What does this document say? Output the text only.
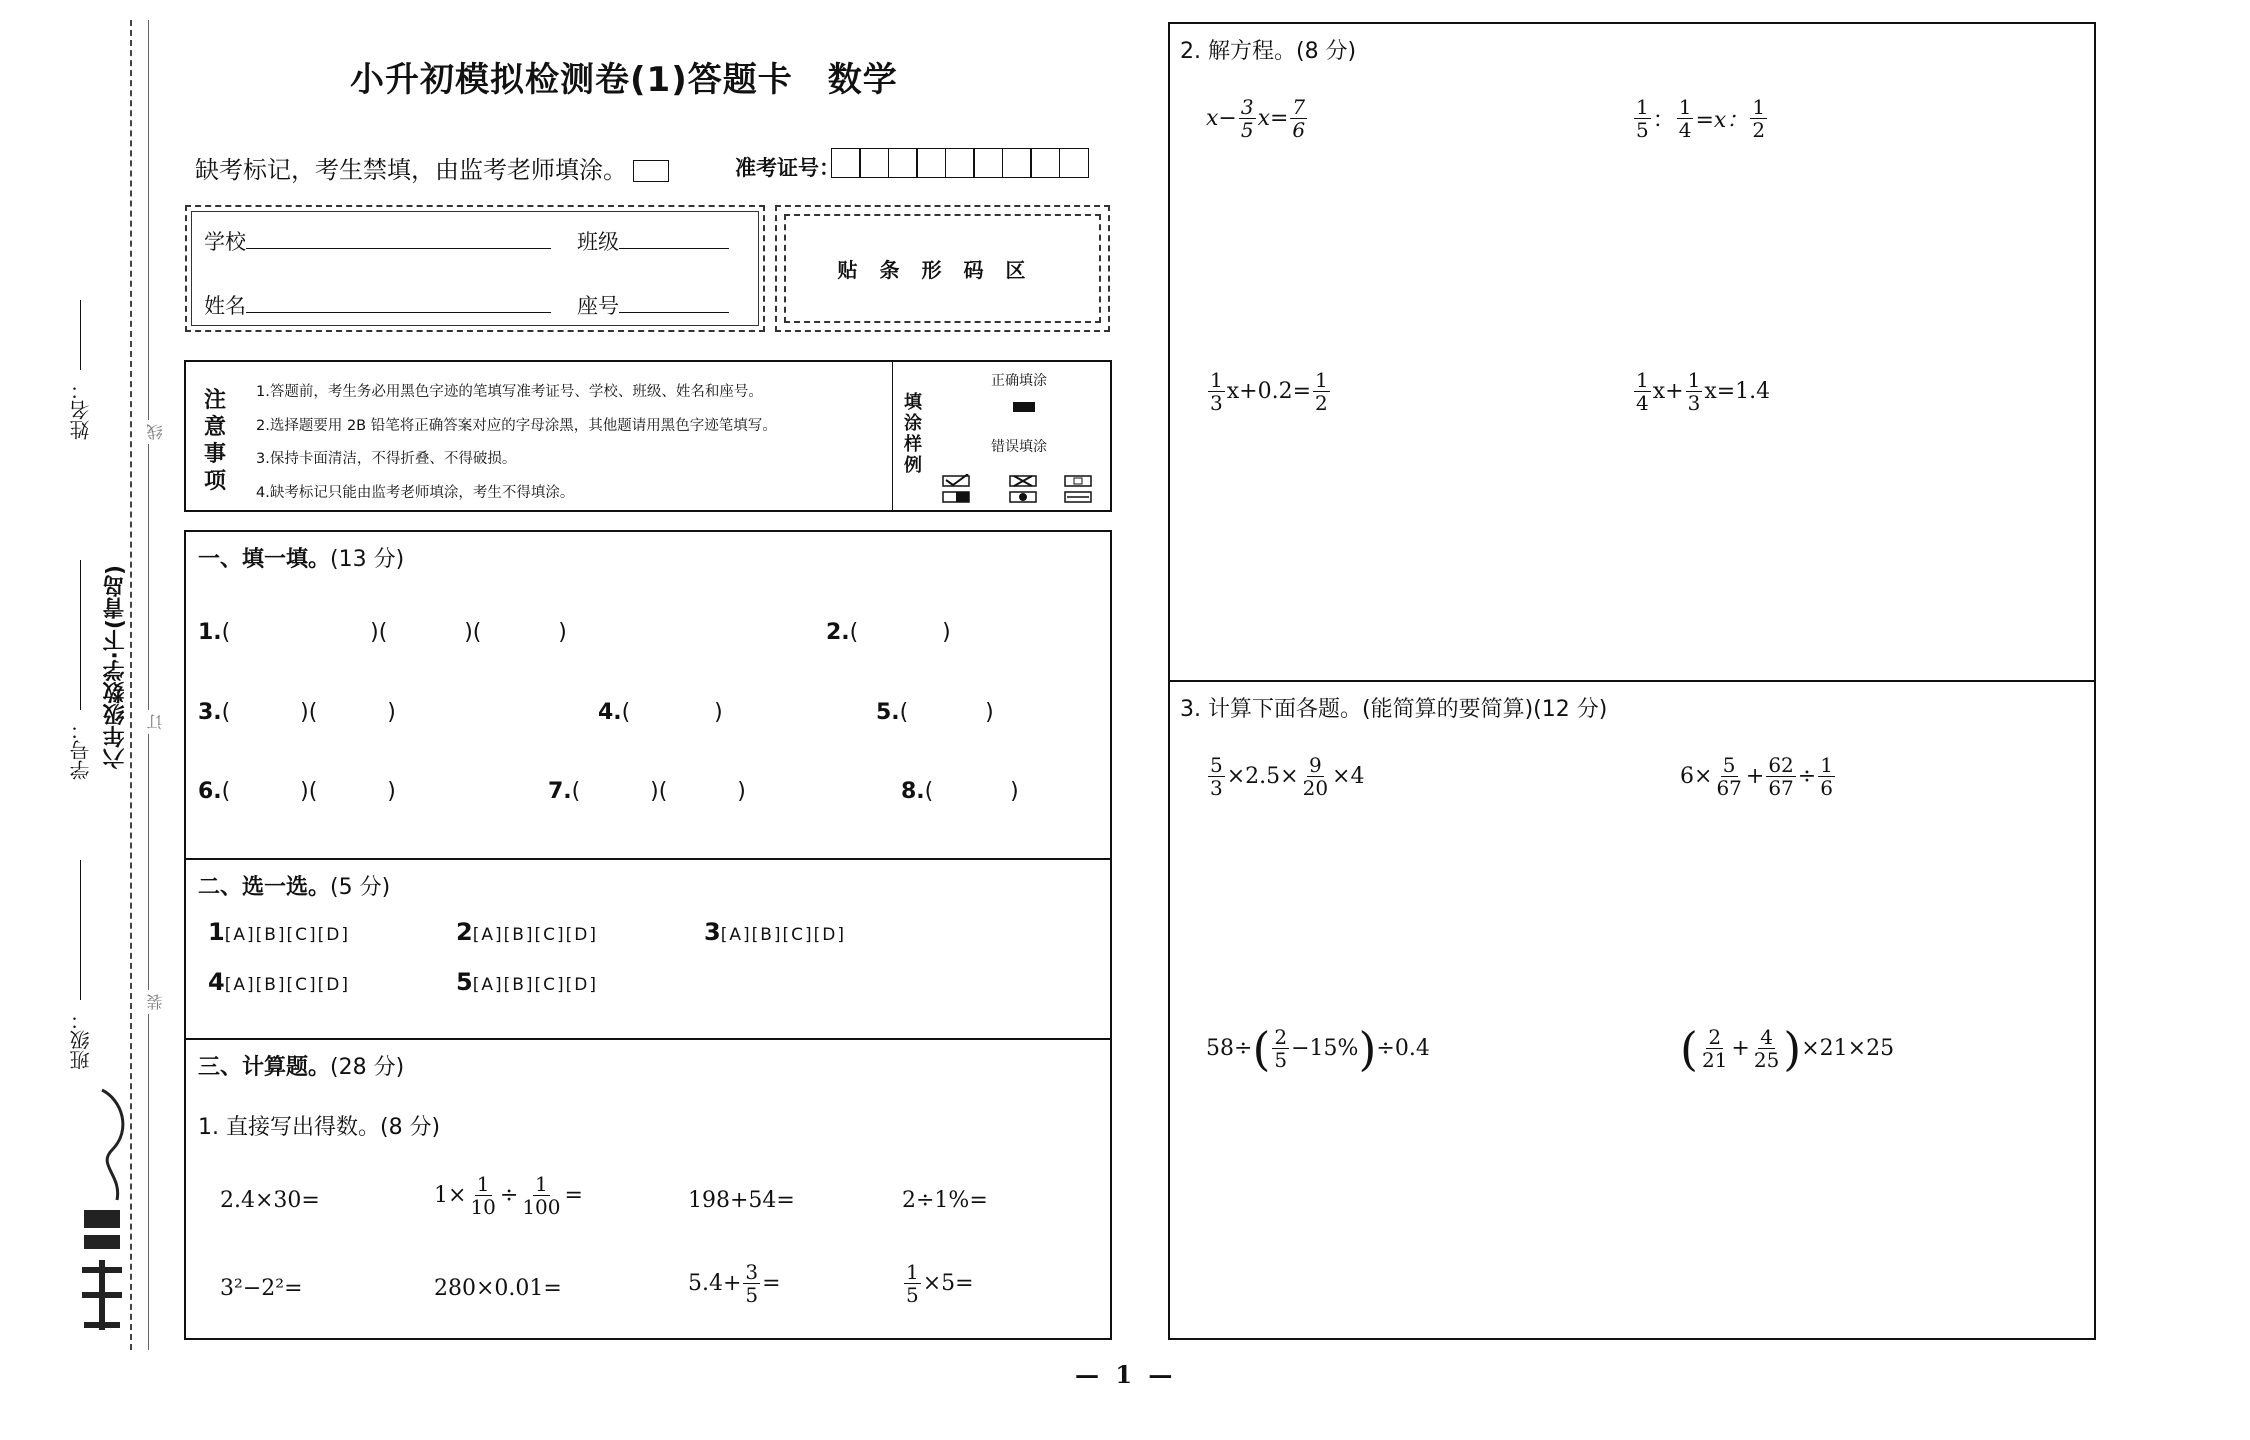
姓名：
学号：
班级：
六年级数学·下(青岛)
线
订
装
小升初模拟检测卷(1)答题卡　数学
缺考标记，考生禁填，由监考老师填涂。	准考证号：
学校	班级
姓名	座号
贴条形码区
注意事项
1.答题前，考生务必用黑色字迹的笔填写准考证号、学校、班级、姓名和座号。
2.选择题要用 2B 铅笔将正确答案对应的字母涂黑，其他题请用黑色字迹笔填写。
3.保持卡面清洁，不得折叠、不得破损。
4.缺考标记只能由监考老师填涂，考生不得填涂。
填涂样例
正确填涂
错误填涂
一、填一填。(13 分)
1.(                    )(           )(           )	2.(            )
3.(          )(          )	4.(            )	5.(           )
6.(          )(          )	7.(          )(          )	8.(           )
二、选一选。(5 分)
1[A][B][C][D]	2[A][B][C][D]	3[A][B][C][D]
4[A][B][C][D]	5[A][B][C][D]
三、计算题。(28 分)
1. 直接写出得数。(8 分)
2.4×30=	$1\times \frac{1}{10} \div \frac{1}{100}$ =	198+54=	2÷1%=
3²−2²=	280×0.01=	$5.4+ \frac{3}{5}$ =	$\frac{1}{5} \times 5=$
2. 解方程。(8 分)
$x- \frac{3}{5} x= \frac{7}{6}$	$\frac{1}{5}$ ： $\frac{1}{4} =x$： $\frac{1}{2}$
$\frac{1}{3} x+0.2= \frac{1}{2}$	$\frac{1}{4} x+ \frac{1}{3} x=1.4$
3. 计算下面各题。(能简算的要简算)(12 分)
$\frac{5}{3} \times 2.5\times \frac{9}{20} \times 4$	$6\times \frac{5}{67} + \frac{62}{67} \div \frac{1}{6}$
58÷ ( $\frac{2}{5} -15\%$ ) ÷0.4	( $\frac{2}{21} + \frac{4}{25}$ ) ×21×25
— 1 —
